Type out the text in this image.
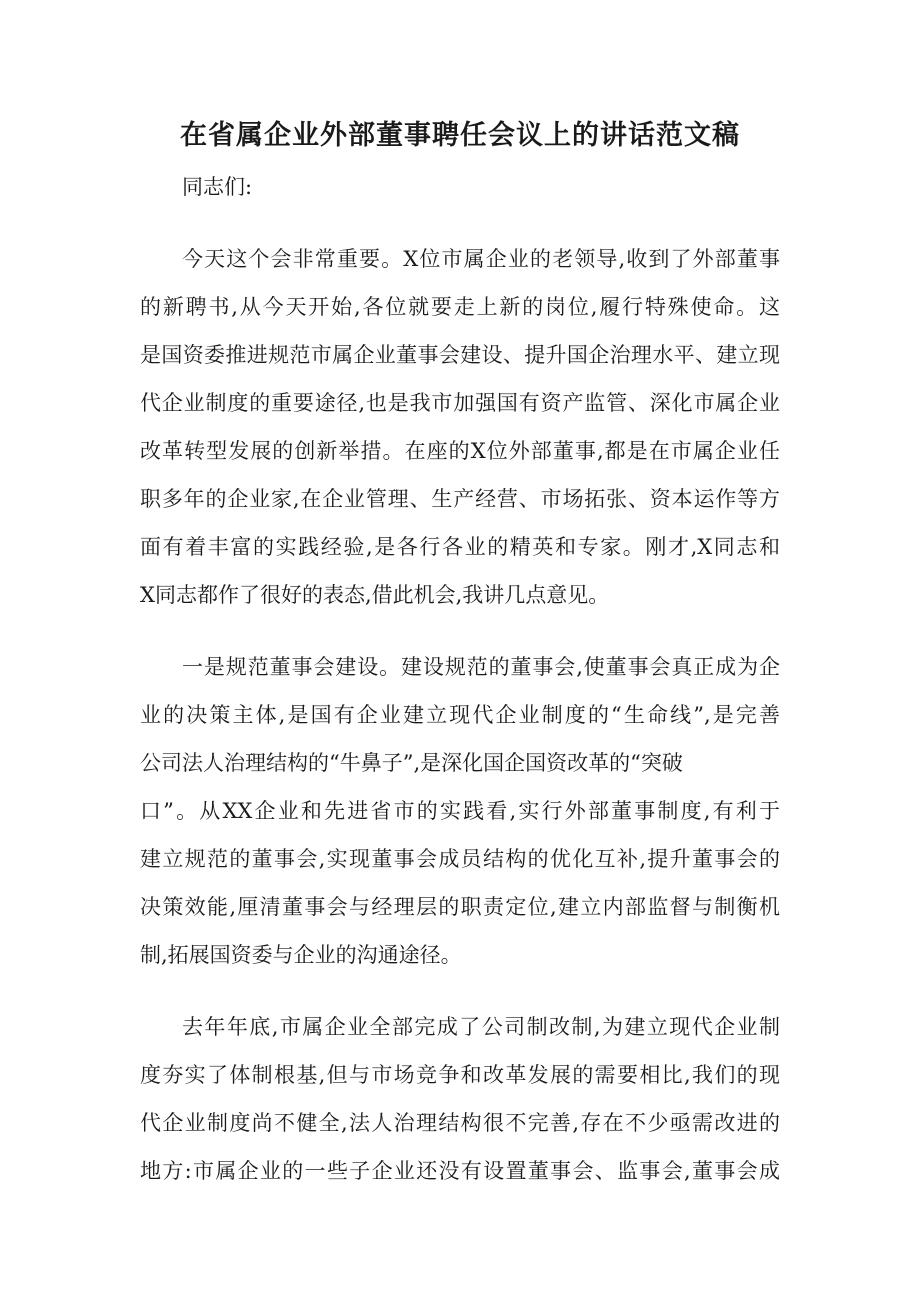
在省属企业外部董事聘任会议上的讲话范文稿
同志们:
今天这个会非常重要。X位市属企业的老领导,收到了外部董事
的新聘书,从今天开始,各位就要走上新的岗位,履行特殊使命。这
是国资委推进规范市属企业董事会建设、提升国企治理水平、建立现
代企业制度的重要途径,也是我市加强国有资产监管、深化市属企业
改革转型发展的创新举措。在座的X位外部董事,都是在市属企业任
职多年的企业家,在企业管理、生产经营、市场拓张、资本运作等方
面有着丰富的实践经验,是各行各业的精英和专家。刚才,X同志和
X同志都作了很好的表态,借此机会,我讲几点意见。
一是规范董事会建设。建设规范的董事会,使董事会真正成为企
业的决策主体,是国有企业建立现代企业制度的“生命线”,是完善
公司法人治理结构的“牛鼻子”,是深化国企国资改革的“突破
口”。从XX企业和先进省市的实践看,实行外部董事制度,有利于
建立规范的董事会,实现董事会成员结构的优化互补,提升董事会的
决策效能,厘清董事会与经理层的职责定位,建立内部监督与制衡机
制,拓展国资委与企业的沟通途径。
去年年底,市属企业全部完成了公司制改制,为建立现代企业制
度夯实了体制根基,但与市场竞争和改革发展的需要相比,我们的现
代企业制度尚不健全,法人治理结构很不完善,存在不少亟需改进的
地方:市属企业的一些子企业还没有设置董事会、监事会,董事会成
